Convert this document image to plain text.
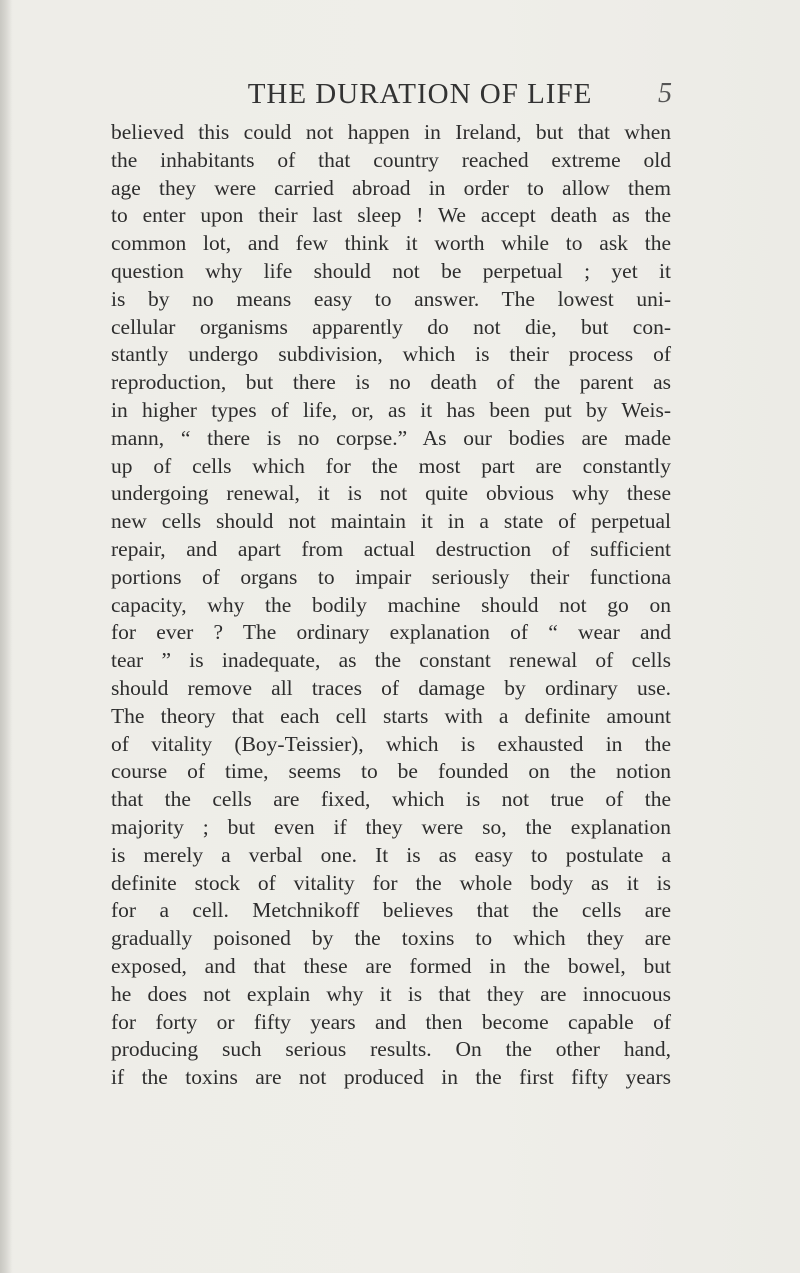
THE DURATION OF LIFE 5
believed this could not happen in Ireland, but that when
the inhabitants of that country reached extreme old
age they were carried abroad in order to allow them
to enter upon their last sleep ! We accept death as the
common lot, and few think it worth while to ask the
question why life should not be perpetual ; yet it
is by no means easy to answer. The lowest uni-
cellular organisms apparently do not die, but con-
stantly undergo subdivision, which is their process of
reproduction, but there is no death of the parent as
in higher types of life, or, as it has been put by Weis-
mann, “ there is no corpse.” As our bodies are made
up of cells which for the most part are constantly
undergoing renewal, it is not quite obvious why these
new cells should not maintain it in a state of perpetual
repair, and apart from actual destruction of sufficient
portions of organs to impair seriously their functiona
capacity, why the bodily machine should not go on
for ever ? The ordinary explanation of “ wear and
tear ” is inadequate, as the constant renewal of cells
should remove all traces of damage by ordinary use.
The theory that each cell starts with a definite amount
of vitality (Boy-Teissier), which is exhausted in the
course of time, seems to be founded on the notion
that the cells are fixed, which is not true of the
majority ; but even if they were so, the explanation
is merely a verbal one. It is as easy to postulate a
definite stock of vitality for the whole body as it is
for a cell. Metchnikoff believes that the cells are
gradually poisoned by the toxins to which they are
exposed, and that these are formed in the bowel, but
he does not explain why it is that they are innocuous
for forty or fifty years and then become capable of
producing such serious results. On the other hand,
if the toxins are not produced in the first fifty years
